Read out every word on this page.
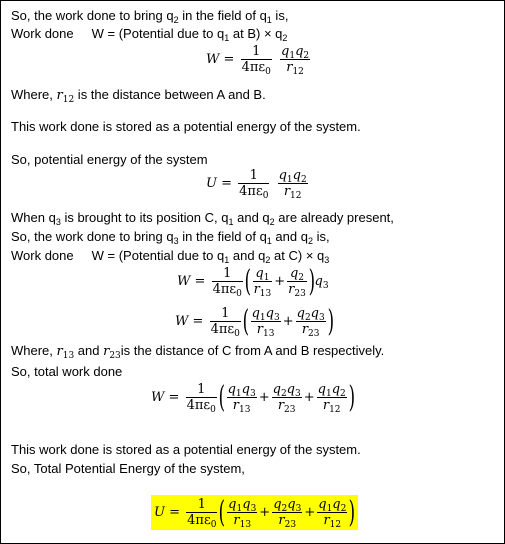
So, the work done to bring $q_2$ in the field of $q_1$ is,
Work done W = (Potential due to $q_1$ at $B) \times q_2$
$W = \frac{1}{4\pi\varepsilon_0}$
$\frac{q_1q_2}{r_{12}}$
Where, $r_{12}$ is the distance between A and B.
This work done is stored as a potential energy of the system.
So, potential energy of the system
$U = \frac{1}{4\pi\varepsilon_0}$
$\frac{q_1q_2}{r_{12}}$
When $q_3$ is brought to its position C, $q_1$ and $q_2$ are already present,
So, the work done to bring $q_3$ in the field of $q_1$ and $q_2$ is,
Work done W = (Potential due to $q_1$ and $q_2$ at $C) \times q_3$
$W = \frac{1}{4\pi\varepsilon_0}$ ( $\frac{q_1}{r_{13}} + \frac{q_2}{r_{23}} )q_3$
$W = \frac{1}{4\pi\varepsilon_0}$ ( $\frac{q_1q_3}{r_{13}} + \frac{q_2q_3}{r_{23}}$ )
Where, $r_{13}$ and $r_{23}is$ the distance of C from A and B respectively.
So, total work done
$W = \frac{1}{4\pi\varepsilon_0}$ ( $\frac{q_1q_3}{r_{13}} + \frac{q_2q_3}{r_{23}} + \frac{q_1q_2}{r_{12}}$ )
This work done is stored as a potential energy of the system.
So, Total Potential Energy of the system,
$U = \frac{1}{4\pi\varepsilon_0}$ ( $\frac{q_1q_3}{r_{13}} + \frac{q_2q_3}{r_{23}} + \frac{q_1q_2}{r_{12}}$ )
